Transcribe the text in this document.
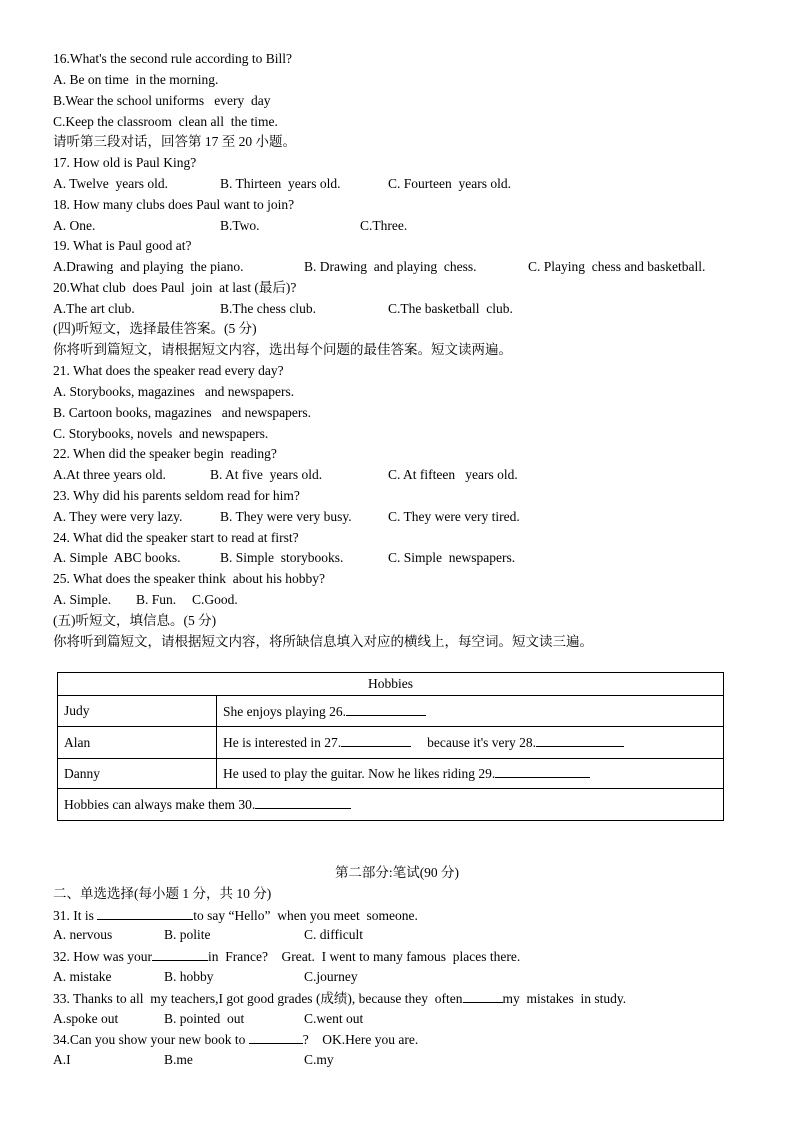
16.What's the second rule according to Bill?
A. Be on time  in the morning.
B.Wear the school uniforms   every  day
C.Keep the classroom  clean all  the time.
请听第三段对话，回答第 17 至 20 小题。
17. How old is Paul King?
A. Twelve  years old.	B. Thirteen  years old.	C. Fourteen  years old.
18. How many clubs does Paul want to join?
A. One.	B.Two.	C.Three.
19. What is Paul good at?
A.Drawing  and playing  the piano.	B. Drawing  and playing  chess.	C. Playing  chess and basketball.
20.What club  does Paul  join  at last (最后)?
A.The art club.	B.The chess club.	C.The basketball  club.
(四)听短文，选择最佳答案。(5 分)
你将听到篇短文，请根据短文内容，选出每个问题的最佳答案。短文读两遍。
21. What does the speaker read every day?
A. Storybooks, magazines   and newspapers.
B. Cartoon books, magazines   and newspapers.
C. Storybooks, novels  and newspapers.
22. When did the speaker begin  reading?
A.At three years old.	B. At five  years old.	C. At fifteen   years old.
23. Why did his parents seldom read for him?
A. They were very lazy.	B. They were very busy.	C. They were very tired.
24. What did the speaker start to read at first?
A. Simple  ABC books.	B. Simple  storybooks.	C. Simple  newspapers.
25. What does the speaker think  about his hobby?
A. Simple. B. Fun. C.Good.
(五)听短文，填信息。(5 分)
你将听到篇短文，请根据短文内容，将所缺信息填入对应的横线上，每空词。短文读三遍。
Hobbies	
Judy	She enjoys playing 26.
Alan	He is interested in 27. because it's very 28.
Danny	He used to play the guitar. Now he likes riding 29.
Hobbies can always make them 30.	
第二部分:笔试(90 分)
二、单选选择(每小题 1 分，共 10 分)
31. It is	to say “Hello”  when you meet  someone.
A. nervous	B. polite	C. difficult
32. How was your	in  France?    Great.  I went to many famous  places there.
A. mistake	B. hobby	C.journey
33. Thanks to all  my teachers,I got good grades (成绩), because they  often	my  mistakes  in study.
A.spoke out	B. pointed  out	C.went out
34.Can you show your new book to	?    OK.Here you are.
A.I	B.me	C.my
